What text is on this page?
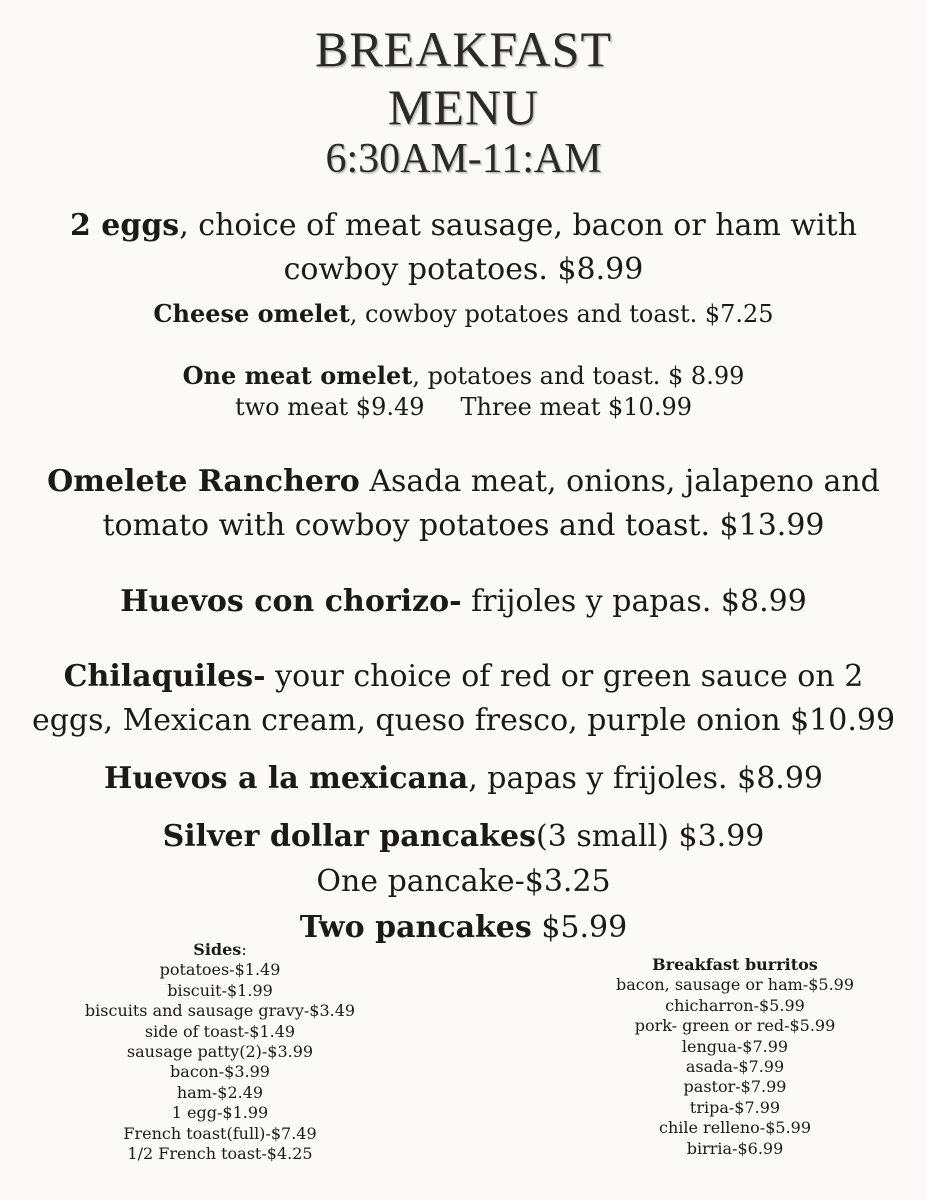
BREAKFAST
MENU
6:30AM-11:AM
2 eggs, choice of meat sausage, bacon or ham with
cowboy potatoes. $8.99
Cheese omelet, cowboy potatoes and toast. $7.25
One meat omelet, potatoes and toast. $ 8.99
two meat $9.49 Three meat $10.99
Omelete Ranchero Asada meat, onions, jalapeno and
tomato with cowboy potatoes and toast. $13.99
Huevos con chorizo- frijoles y papas. $8.99
Chilaquiles- your choice of red or green sauce on 2
eggs, Mexican cream, queso fresco, purple onion $10.99
Huevos a la mexicana, papas y frijoles. $8.99
Silver dollar pancakes(3 small) $3.99
One pancake-$3.25
Two pancakes $5.99
Sides:
potatoes-$1.49
biscuit-$1.99
biscuits and sausage gravy-$3.49
side of toast-$1.49
sausage patty(2)-$3.99
bacon-$3.99
ham-$2.49
1 egg-$1.99
French toast(full)-$7.49
1/2 French toast-$4.25
Breakfast burritos
bacon, sausage or ham-$5.99
chicharron-$5.99
pork- green or red-$5.99
lengua-$7.99
asada-$7.99
pastor-$7.99
tripa-$7.99
chile relleno-$5.99
birria-$6.99
